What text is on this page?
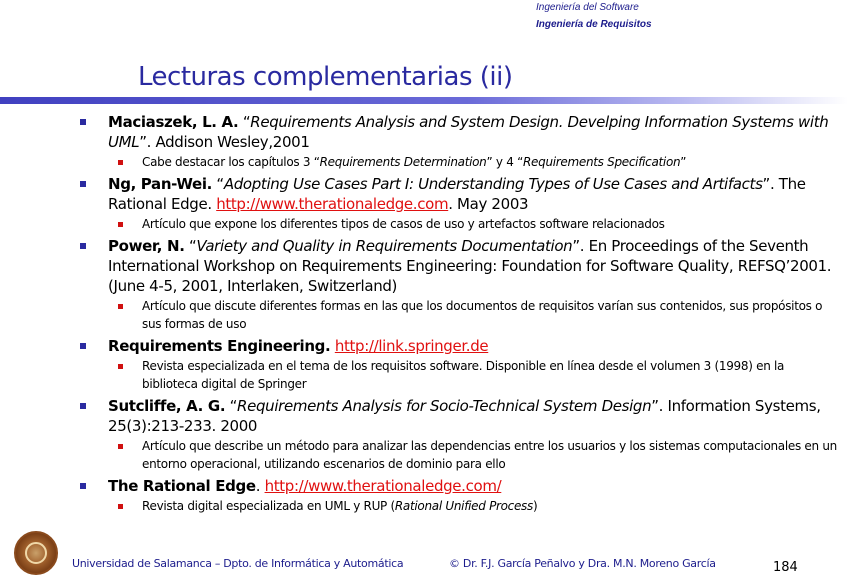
Ingeniería del Software
Ingeniería de Requisitos
Lecturas complementarias (ii)
Maciaszek, L. A. “Requirements Analysis and System Design. Develping Information Systems with UML”. Addison Wesley,2001
Cabe destacar los capítulos 3 “Requirements Determination” y 4 “Requirements Specification”
Ng, Pan-Wei. “Adopting Use Cases Part I: Understanding Types of Use Cases and Artifacts”. The Rational Edge. http://www.therationaledge.com. May 2003
Artículo que expone los diferentes tipos de casos de uso y artefactos software relacionados
Power, N. “Variety and Quality in Requirements Documentation”. En Proceedings of the Seventh International Workshop on Requirements Engineering: Foundation for Software Quality, REFSQ’2001. (June 4-5, 2001, Interlaken, Switzerland)
Artículo que discute diferentes formas en las que los documentos de requisitos varían sus contenidos, sus propósitos o sus formas de uso
Requirements Engineering. http://link.springer.de
Revista especializada en el tema de los requisitos software. Disponible en línea desde el volumen 3 (1998) en la biblioteca digital de Springer
Sutcliffe, A. G. “Requirements Analysis for Socio-Technical System Design”. Information Systems, 25(3):213-233. 2000
Artículo que describe un método para analizar las dependencias entre los usuarios y los sistemas computacionales en un entorno operacional, utilizando escenarios de dominio para ello
The Rational Edge. http://www.therationaledge.com/
Revista digital especializada en UML y RUP (Rational Unified Process)
Universidad de Salamanca – Dpto. de Informática y Automática	© Dr. F.J. García Peñalvo y Dra. M.N. Moreno García	184
